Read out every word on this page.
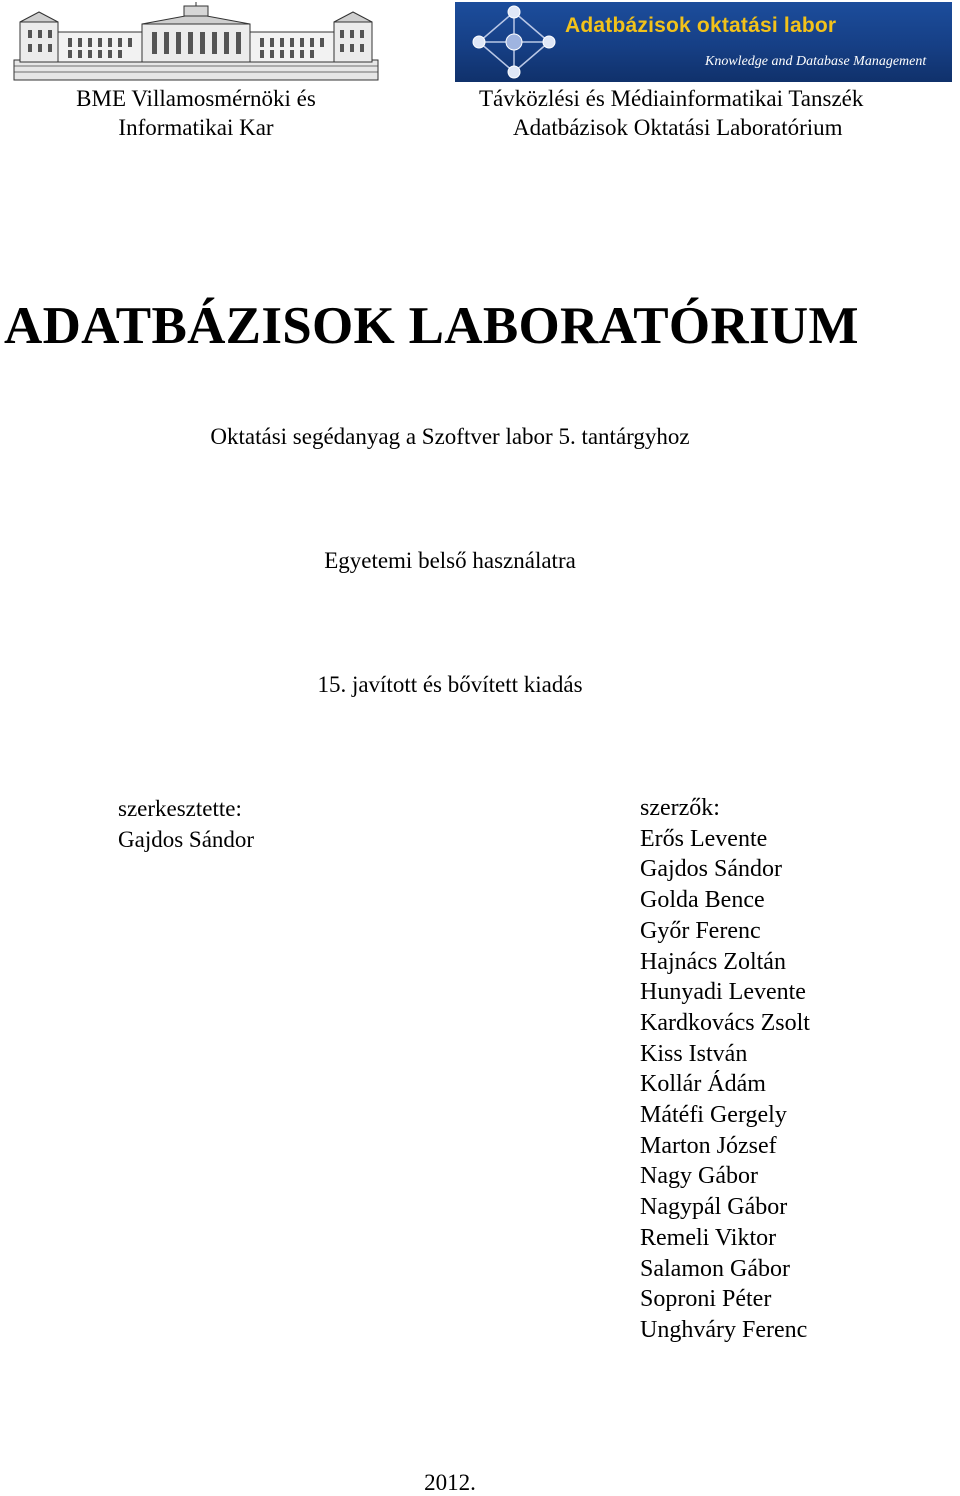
BME Villamosmérnöki és
Informatikai Kar
Adatbázisok oktatási labor
Knowledge and Database Management
Távközlési és Médiainformatikai Tanszék
Adatbázisok Oktatási Laboratórium
ADATBÁZISOK LABORATÓRIUM
Oktatási segédanyag a Szoftver labor 5. tantárgyhoz
Egyetemi belső használatra
15. javított és bővített kiadás
szerkesztette:
Gajdos Sándor
szerzők:
Erős Levente
Gajdos Sándor
Golda Bence
Győr Ferenc
Hajnács Zoltán
Hunyadi Levente
Kardkovács Zsolt
Kiss István
Kollár Ádám
Mátéfi Gergely
Marton József
Nagy Gábor
Nagypál Gábor
Remeli Viktor
Salamon Gábor
Soproni Péter
Unghváry Ferenc
2012.
